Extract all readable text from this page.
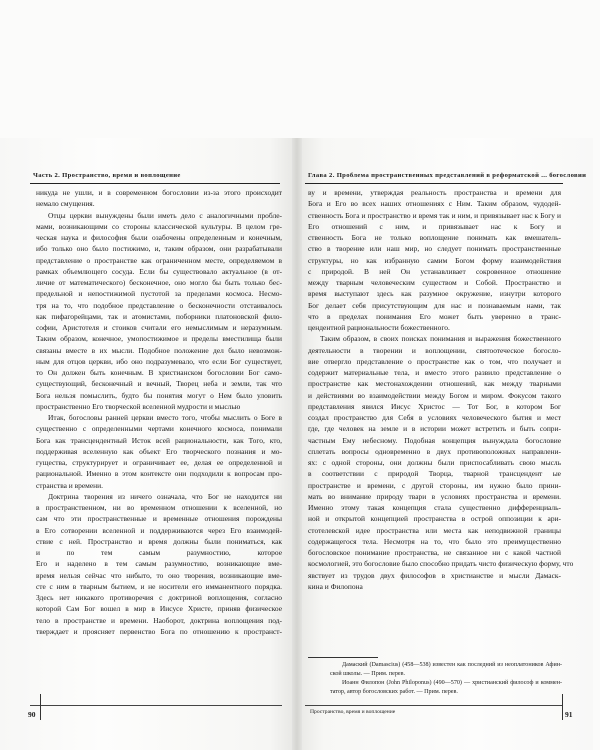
Часть 2. Пространство, время и воплощение	Глава 2. Проблема пространственных представлений в реформатской ... богословии
никуда не ушли, и в современном богословии из-за этого происходит
немало смущения.
Отцы церкви вынуждены были иметь дело с аналогичными пробле-
мами, возникающими со стороны классической культуры. В целом гре-
ческая наука и философия были озабочены определенным и конечным,
ибо только оно было постижимо, и, таким образом, они разрабатывали
представление о пространстве как ограниченном месте, определяемом в
рамках объемлющего сосуда. Если бы существовало актуальное (в от-
личие от математического) бесконечное, оно могло бы быть только бес-
предельной и непостижимой пустотой за пределами космоса. Несмо-
тря на то, что подобное представление о бесконечности отстаивалось
как пифагорейцами, так и атомистами, поборники платоновской фило-
софии, Аристотеля и стоиков считали его немыслимым и неразумным.
Таким образом, конечное, умопостижимое и пределы вместилища были
связаны вместе в их мысли. Подобное положение дел было невозмож-
ным для отцов церкви, ибо оно подразумевало, что если Бог существует,
то Он должен быть конечным. В христианском богословии Бог само-
существующий, бесконечный и вечный, Творец неба и земли, так что
Бога нельзя помыслить, будто бы понятия могут о Нем было уловить
пространственно Его творческой вселенной мудрости и мыслью
Итак, богословы ранней церкви вместо того, чтобы мыслить о Боге в
существенно с определенными чертами конечного космоса, понимали
Бога как трансцендентный Исток всей рациональности, как Того, кто,
поддерживая вселенную как объект Его творческого познания и мо-
гущества, структурирует и ограничивает ее, делая ее определенной и
рациональной. Именно в этом контексте они подходили к вопросам про-
странства и времени.
Доктрина творения из ничего означала, что Бог не находится ни
в пространственном, ни во временном отношении к вселенной, но
сам что эти пространственные и временные отношения порождены
в Его сотворении вселенной и поддерживаются через Его взаимодей-
ствие с ней. Пространство и время должны были пониматься, как
и по тем самым разумностию, которое
Его и наделено в тем самым разумностию, возникающие вме-
время нельзя сейчас что нибыто, то оно творения, возникающие вме-
сте с ним в тварным бытием, и не носители его имманентного порядка.
Здесь нет никакого противоречия с доктриной воплощения, согласно
которой Сам Бог вошел в мир в Иисусе Христе, приняв физическое
тело в пространстве и времени. Наоборот, доктрина воплощения под-
тверждает и проясняет первенство Бога по отношению к пространст-
ву и времени, утверждая реальность пространства и времени для
Бога и Его во всех наших отношениях с Ним. Таким образом, чудодей-
ственность Бога и пространство и время так и ним, и привязывает нас к Богу и
Его отношений с ним, и привязывает нас к Богу и
ственность Бога не только воплощение понимать как вмешатель-
ство в творение или наш мир, но следует понимать пространственные
структуры, но как избранную самим Богом форму взаимодействия
с природой. В ней Он устанавливает сокровенное отношение
между тварным человеческим существом и Собой. Пространство и
время выступают здесь как разумное окружение, изнутри которого
Бог делает себя присутствующим для нас и познаваемым нами, так
что в пределах понимания Его может быть уверенно в транс-
цендентной рациональности божественного.
Таким образом, в своих поисках понимания и выражения божественного
деятельности в творении и воплощении, святоотеческое богосло-
вие отвергло представление о пространстве как о том, что получает и
содержит материальные тела, и вместо этого развило представление о
пространстве как местонахождении отношений, как между тварными
и действиями во взаимодействии между Богом и миром. Фокусом такого
представления явился Иисус Христос — Тот Бог, в котором Бог
создал пространство для Себя в условиях человеческого бытия и мест
где, где человек на земле и в истории может встретить и быть сопри-
частным Ему небесному. Подобная концепция вынуждала богословие
сплетать вопросы одновременно в двух противоположных направлени-
ях: с одной стороны, они должны были приспосабливать свою мысль
в соответствии с природой Творца, тварной трансцендент ые
пространстве и времени, с другой стороны, им нужно было прини-
мать во внимание природу твари в условиях пространства и времени.
Именно этому такая концепция стала существенно дифференциаль-
ной и открытой концепцией пространства в острой оппозиции к ари-
стотелевской идее пространства или места как неподвижной границы
содержащегося тела. Несмотря на то, что было это преимущественно
богословское понимание пространства, не связанное ни с какой частной
космологией, это богословие было способно придать чисто физическую форму, что
явствует из трудов двух философов в христианстве и мысли Дамаск-
кина и Филопона
Дамаский (Damascius) (458—538) известен как последний из неоплатоников Афин-
ской школы. — Прим. перев.
Иоанн Филопон (John Philoponus) (490—570) — христианский философ и коммен-
татор, автор богословских работ. — Прим. перев.
90	91
Пространство, время и воплощение
